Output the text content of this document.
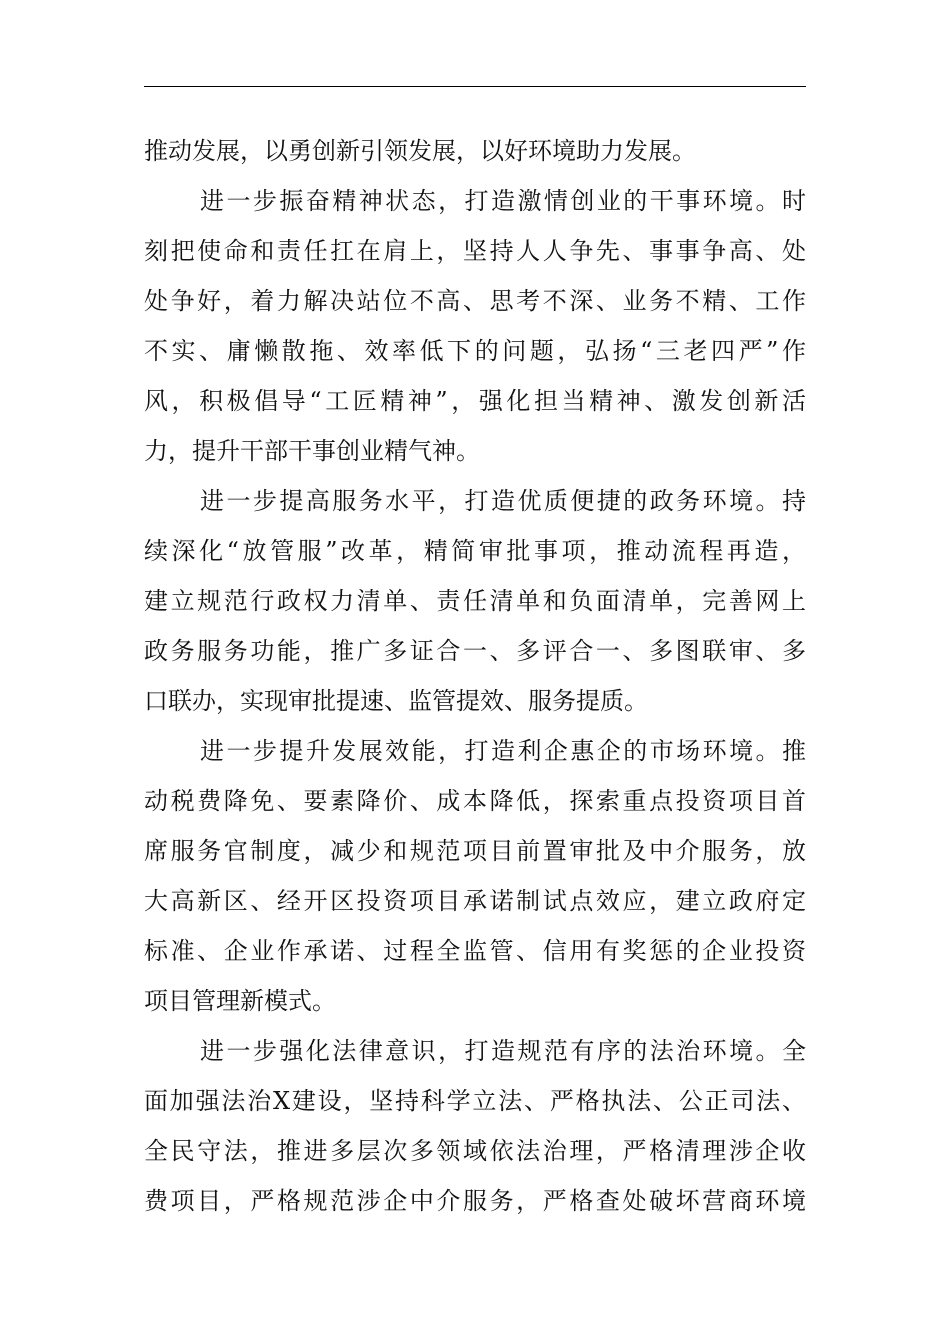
推动发展，以勇创新引领发展，以好环境助力发展。
进一步振奋精神状态，打造激情创业的干事环境。时
刻把使命和责任扛在肩上，坚持人人争先、事事争高、处
处争好，着力解决站位不高、思考不深、业务不精、工作
不实、庸懒散拖、效率低下的问题，弘扬“三老四严”作
风，积极倡导“工匠精神”，强化担当精神、激发创新活
力，提升干部干事创业精气神。
进一步提高服务水平，打造优质便捷的政务环境。持
续深化“放管服”改革，精简审批事项，推动流程再造，
建立规范行政权力清单、责任清单和负面清单，完善网上
政务服务功能，推广多证合一、多评合一、多图联审、多
口联办，实现审批提速、监管提效、服务提质。
进一步提升发展效能，打造利企惠企的市场环境。推
动税费降免、要素降价、成本降低，探索重点投资项目首
席服务官制度，减少和规范项目前置审批及中介服务，放
大高新区、经开区投资项目承诺制试点效应，建立政府定
标准、企业作承诺、过程全监管、信用有奖惩的企业投资
项目管理新模式。
进一步强化法律意识，打造规范有序的法治环境。全
面加强法治X建设，坚持科学立法、严格执法、公正司法、
全民守法，推进多层次多领域依法治理，严格清理涉企收
费项目，严格规范涉企中介服务，严格查处破坏营商环境
